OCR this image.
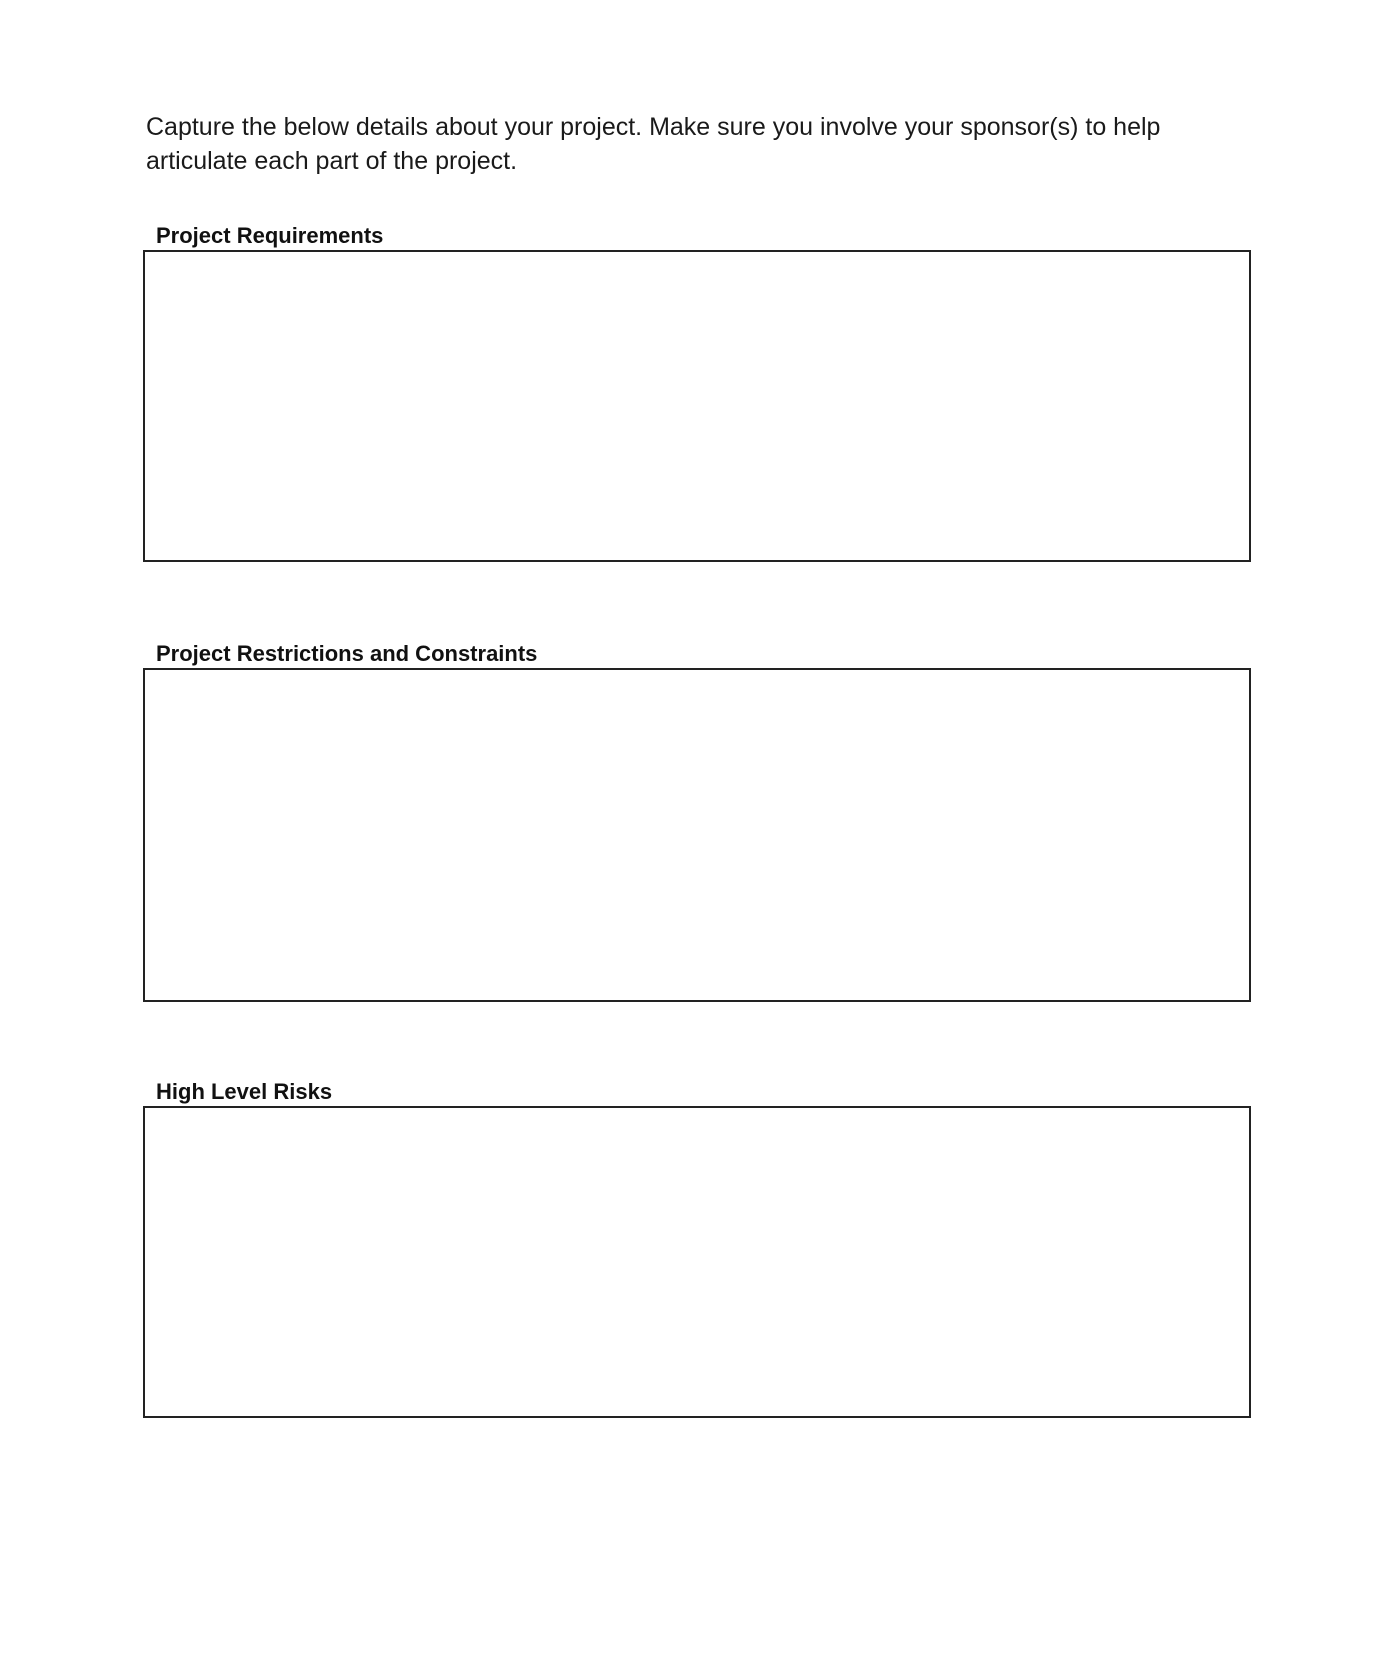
Capture the below details about your project. Make sure you involve your sponsor(s) to help
articulate each part of the project.

Project Requirements
Project Restrictions and Constraints
High Level Risks
